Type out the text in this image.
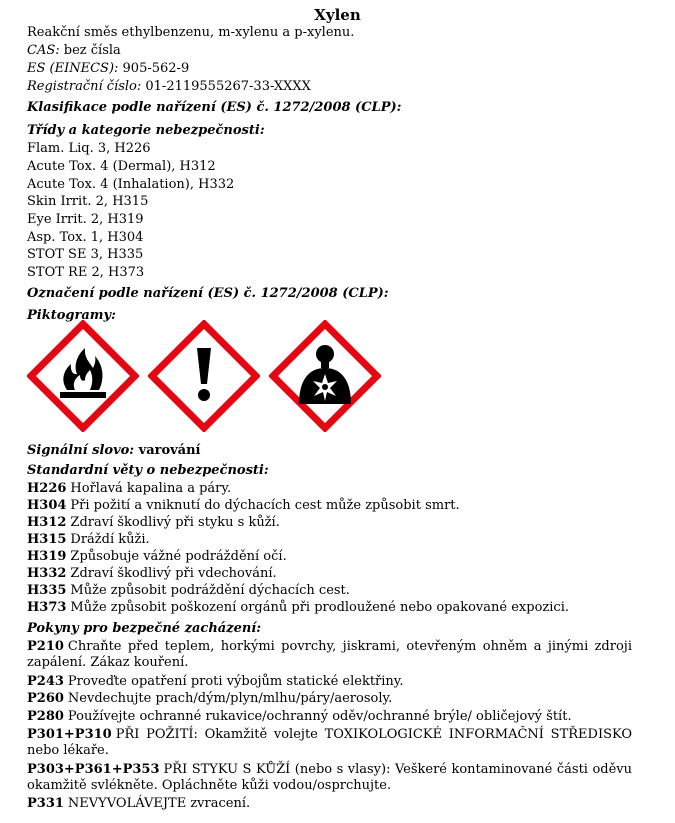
Xylen
Reakční směs ethylbenzenu, m-xylenu a p-xylenu.
CAS: bez čísla
ES (EINECS): 905-562-9
Registrační číslo: 01-2119555267-33-XXXX
Klasifikace podle nařízení (ES) č. 1272/2008 (CLP):
Třídy a kategorie nebezpečnosti:
Flam. Liq. 3, H226
Acute Tox. 4 (Dermal), H312
Acute Tox. 4 (Inhalation), H332
Skin Irrit. 2, H315
Eye Irrit. 2, H319
Asp. Tox. 1, H304
STOT SE 3, H335
STOT RE 2, H373
Označení podle nařízení (ES) č. 1272/2008 (CLP):
Piktogramy:
Signální slovo: varování
Standardní věty o nebezpečnosti:
H226 Hořlavá kapalina a páry.
H304 Při požití a vniknutí do dýchacích cest může způsobit smrt.
H312 Zdraví škodlivý při styku s kůží.
H315 Dráždí kůži.
H319 Způsobuje vážné podráždění očí.
H332 Zdraví škodlivý při vdechování.
H335 Může způsobit podráždění dýchacích cest.
H373 Může způsobit poškození orgánů při prodloužené nebo opakované expozici.
Pokyny pro bezpečné zacházení:
P210 Chraňte před teplem, horkými povrchy, jiskrami, otevřeným ohněm a jinými zdroji zapálení. Zákaz kouření.
P243 Proveďte opatření proti výbojům statické elektřiny.
P260 Nevdechujte prach/dým/plyn/mlhu/páry/aerosoly.
P280 Používejte ochranné rukavice/ochranný oděv/ochranné brýle/ obličejový štít.
P301+P310 PŘI POŽITÍ: Okamžitě volejte TOXIKOLOGICKÉ INFORMAČNÍ STŘEDISKO nebo lékaře.
P303+P361+P353 PŘI STYKU S KŮŽÍ (nebo s vlasy): Veškeré kontaminované části oděvu okamžitě svlékněte. Opláchněte kůži vodou/osprchujte.
P331 NEVYVOLÁVEJTE zvracení.
